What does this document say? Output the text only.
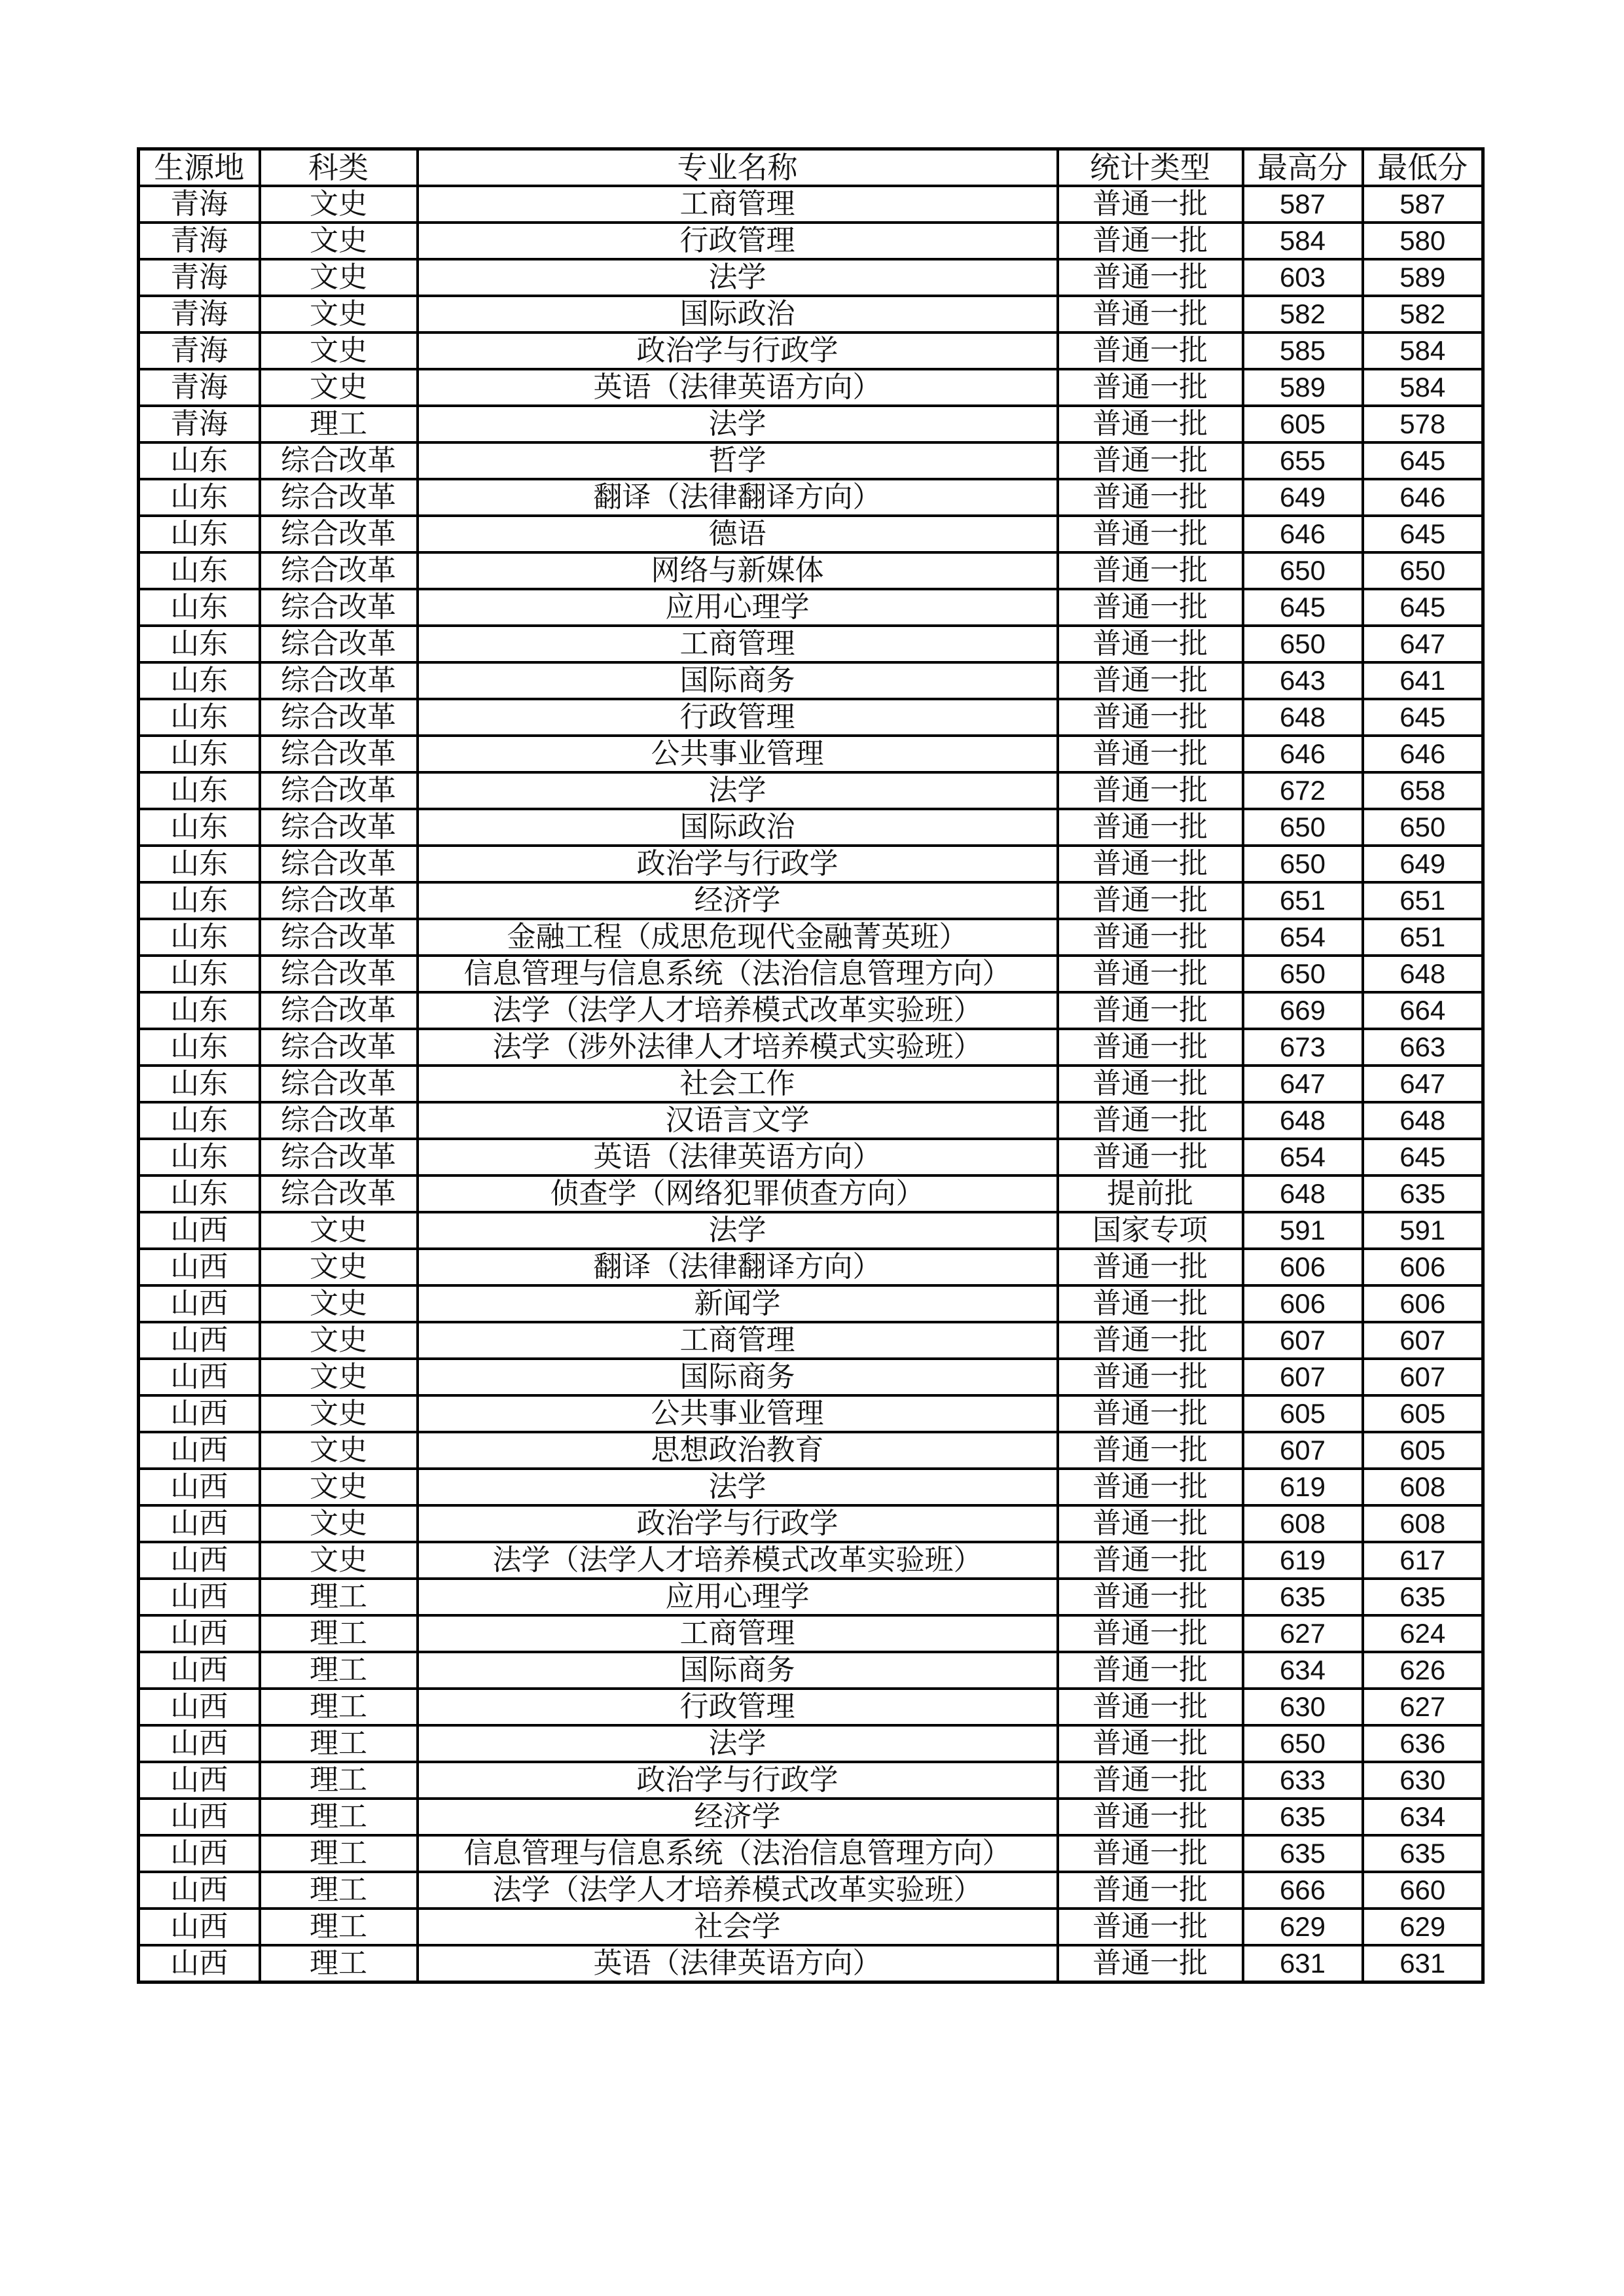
生源地	科类	专业名称	统计类型	最高分	最低分
青海	文史	工商管理	普通一批	587	587
青海	文史	行政管理	普通一批	584	580
青海	文史	法学	普通一批	603	589
青海	文史	国际政治	普通一批	582	582
青海	文史	政治学与行政学	普通一批	585	584
青海	文史	英语（法律英语方向）	普通一批	589	584
青海	理工	法学	普通一批	605	578
山东	综合改革	哲学	普通一批	655	645
山东	综合改革	翻译（法律翻译方向）	普通一批	649	646
山东	综合改革	德语	普通一批	646	645
山东	综合改革	网络与新媒体	普通一批	650	650
山东	综合改革	应用心理学	普通一批	645	645
山东	综合改革	工商管理	普通一批	650	647
山东	综合改革	国际商务	普通一批	643	641
山东	综合改革	行政管理	普通一批	648	645
山东	综合改革	公共事业管理	普通一批	646	646
山东	综合改革	法学	普通一批	672	658
山东	综合改革	国际政治	普通一批	650	650
山东	综合改革	政治学与行政学	普通一批	650	649
山东	综合改革	经济学	普通一批	651	651
山东	综合改革	金融工程（成思危现代金融菁英班）	普通一批	654	651
山东	综合改革	信息管理与信息系统（法治信息管理方向）	普通一批	650	648
山东	综合改革	法学（法学人才培养模式改革实验班）	普通一批	669	664
山东	综合改革	法学（涉外法律人才培养模式实验班）	普通一批	673	663
山东	综合改革	社会工作	普通一批	647	647
山东	综合改革	汉语言文学	普通一批	648	648
山东	综合改革	英语（法律英语方向）	普通一批	654	645
山东	综合改革	侦查学（网络犯罪侦查方向）	提前批	648	635
山西	文史	法学	国家专项	591	591
山西	文史	翻译（法律翻译方向）	普通一批	606	606
山西	文史	新闻学	普通一批	606	606
山西	文史	工商管理	普通一批	607	607
山西	文史	国际商务	普通一批	607	607
山西	文史	公共事业管理	普通一批	605	605
山西	文史	思想政治教育	普通一批	607	605
山西	文史	法学	普通一批	619	608
山西	文史	政治学与行政学	普通一批	608	608
山西	文史	法学（法学人才培养模式改革实验班）	普通一批	619	617
山西	理工	应用心理学	普通一批	635	635
山西	理工	工商管理	普通一批	627	624
山西	理工	国际商务	普通一批	634	626
山西	理工	行政管理	普通一批	630	627
山西	理工	法学	普通一批	650	636
山西	理工	政治学与行政学	普通一批	633	630
山西	理工	经济学	普通一批	635	634
山西	理工	信息管理与信息系统（法治信息管理方向）	普通一批	635	635
山西	理工	法学（法学人才培养模式改革实验班）	普通一批	666	660
山西	理工	社会学	普通一批	629	629
山西	理工	英语（法律英语方向）	普通一批	631	631
